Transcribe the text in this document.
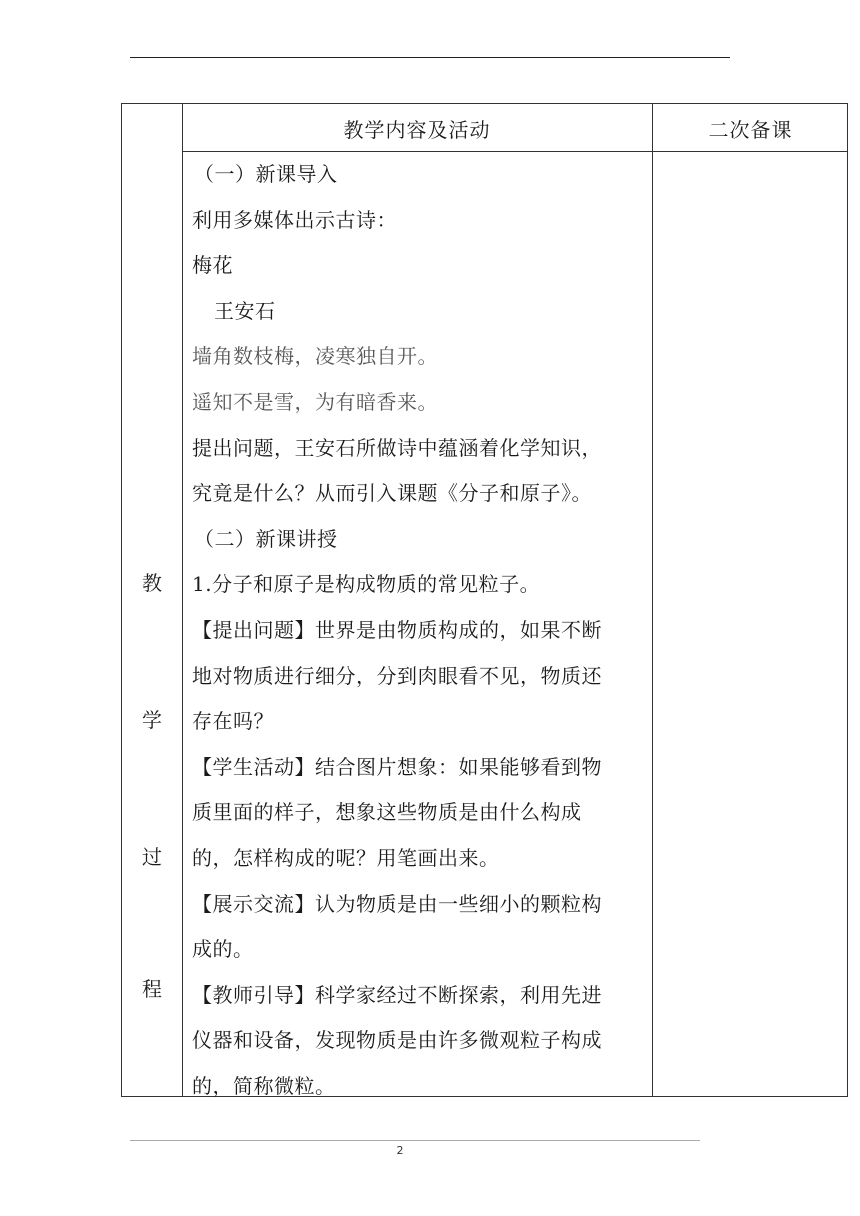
教学内容及活动	二次备课
教
学
过
程
（一）新课导入
利用多媒体出示古诗：
梅花
王安石
墙角数枝梅，凌寒独自开。
遥知不是雪，为有暗香来。
提出问题，王安石所做诗中蕴涵着化学知识，
究竟是什么？从而引入课题《分子和原子》。
（二）新课讲授
1.分子和原子是构成物质的常见粒子。
【提出问题】世界是由物质构成的，如果不断
地对物质进行细分，分到肉眼看不见，物质还
存在吗？
【学生活动】结合图片想象：如果能够看到物
质里面的样子，想象这些物质是由什么构成
的，怎样构成的呢？用笔画出来。
【展示交流】认为物质是由一些细小的颗粒构
成的。
【教师引导】科学家经过不断探索，利用先进
仪器和设备，发现物质是由许多微观粒子构成
的，简称微粒。
2
